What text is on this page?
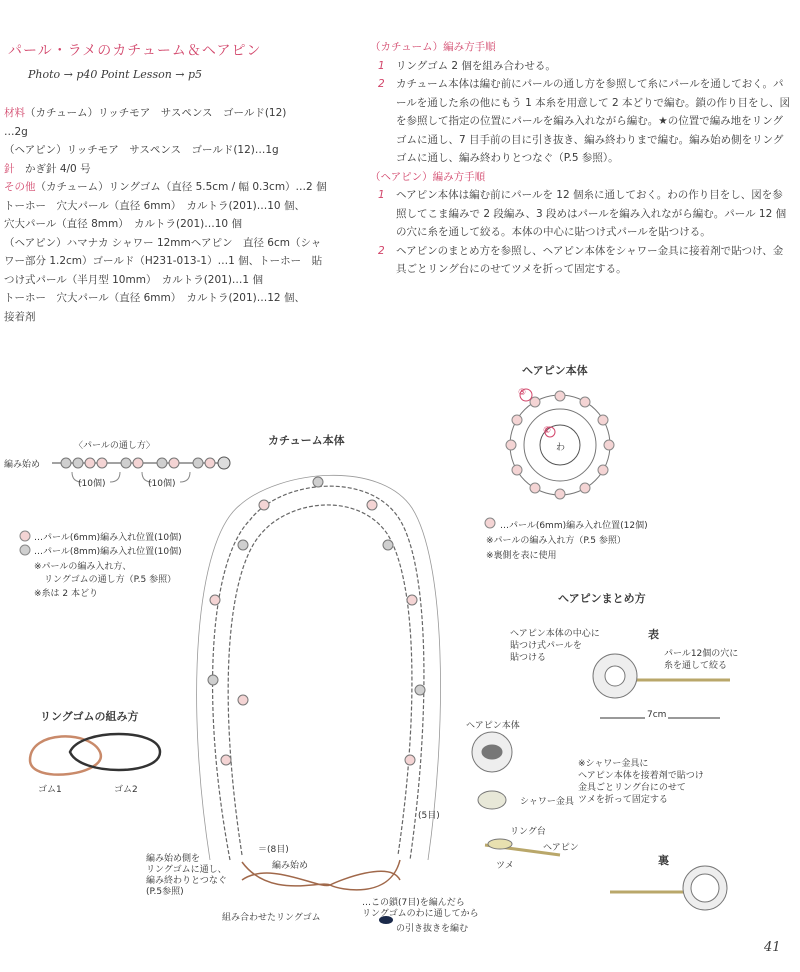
パール・ラメのカチューム＆ヘアピン
Photo → p40 Point Lesson → p5
材料（カチューム）リッチモア　サスペンス　ゴールド(12)
…2g
（ヘアピン）リッチモア　サスペンス　ゴールド(12)…1g
針　かぎ針 4/0 号
その他（カチューム）リングゴム（直径 5.5cm / 幅 0.3cm）…2 個
トーホー　穴大パール（直径 6mm）　カルトラ(201)…10 個、
穴大パール（直径 8mm）　カルトラ(201)…10 個
（ヘアピン）ハマナカ シャワー 12mmヘアピン　直径 6cm（シャ
ワー部分 1.2cm）ゴールド（H231-013-1）…1 個、トーホー　貼
つけ式パール（半月型 10mm）　カルトラ(201)…1 個
トーホー　穴大パール（直径 6mm）　カルトラ(201)…12 個、
接着剤
（カチューム）編み方手順
1 リングゴム 2 個を組み合わせる。
2 カチューム本体は編む前にパールの通し方を参照して糸にパールを通しておく。パールを通した糸の他にもう 1 本糸を用意して 2 本どりで編む。鎖の作り目をし、図を参照して指定の位置にパールを編み入れながら編む。★の位置で編み地をリングゴムに通し、7 目手前の目に引き抜き、編み終わりまで編む。編み始め側をリングゴムに通し、編み終わりとつなぐ（P.5 参照）。
（ヘアピン）編み方手順
1 ヘアピン本体は編む前にパールを 12 個糸に通しておく。わの作り目をし、図を参照してこま編みで 2 段編み、3 段めはパールを編み入れながら編む。パール 12 個の穴に糸を通して絞る。本体の中心に貼つけ式パールを貼つける。
2 ヘアピンのまとめ方を参照し、ヘアピン本体をシャワー金具に接着剤で貼つけ、金具ごとリング台にのせてツメを折って固定する。
〈パールの通し方〉
編み始め
(10個)	(10個)
…パール(6mm)編み入れ位置(10個)
…パール(8mm)編み入れ位置(10個)
※パールの編み入れ方、
リングゴムの通し方（P.5 参照）
※糸は 2 本どり
カチューム本体
リングゴムの組み方
ゴム1	ゴム2
＝(8目)
(5目)
編み始め
編み始め側を
リングゴムに通し、
編み終わりとつなぐ
(P.5参照)
組み合わせたリングゴム
…この鎖(7目)を編んだら
リングゴムのわに通してから
の引き抜きを編む
ヘアピン本体
わ
③
①
…パール(6mm)編み入れ位置(12個)
※パールの編み入れ方（P.5 参照）
※裏側を表に使用
ヘアピンまとめ方
表
裏
ヘアピン本体の中心に
貼つけ式パールを
貼つける	パール12個の穴に
糸を通して絞る
7cm
ヘアピン本体
シャワー金具
リング台
ヘアピン
ツメ
※シャワー金具に
ヘアピン本体を接着剤で貼つけ
金具ごとリング台にのせて
ツメを折って固定する
41
